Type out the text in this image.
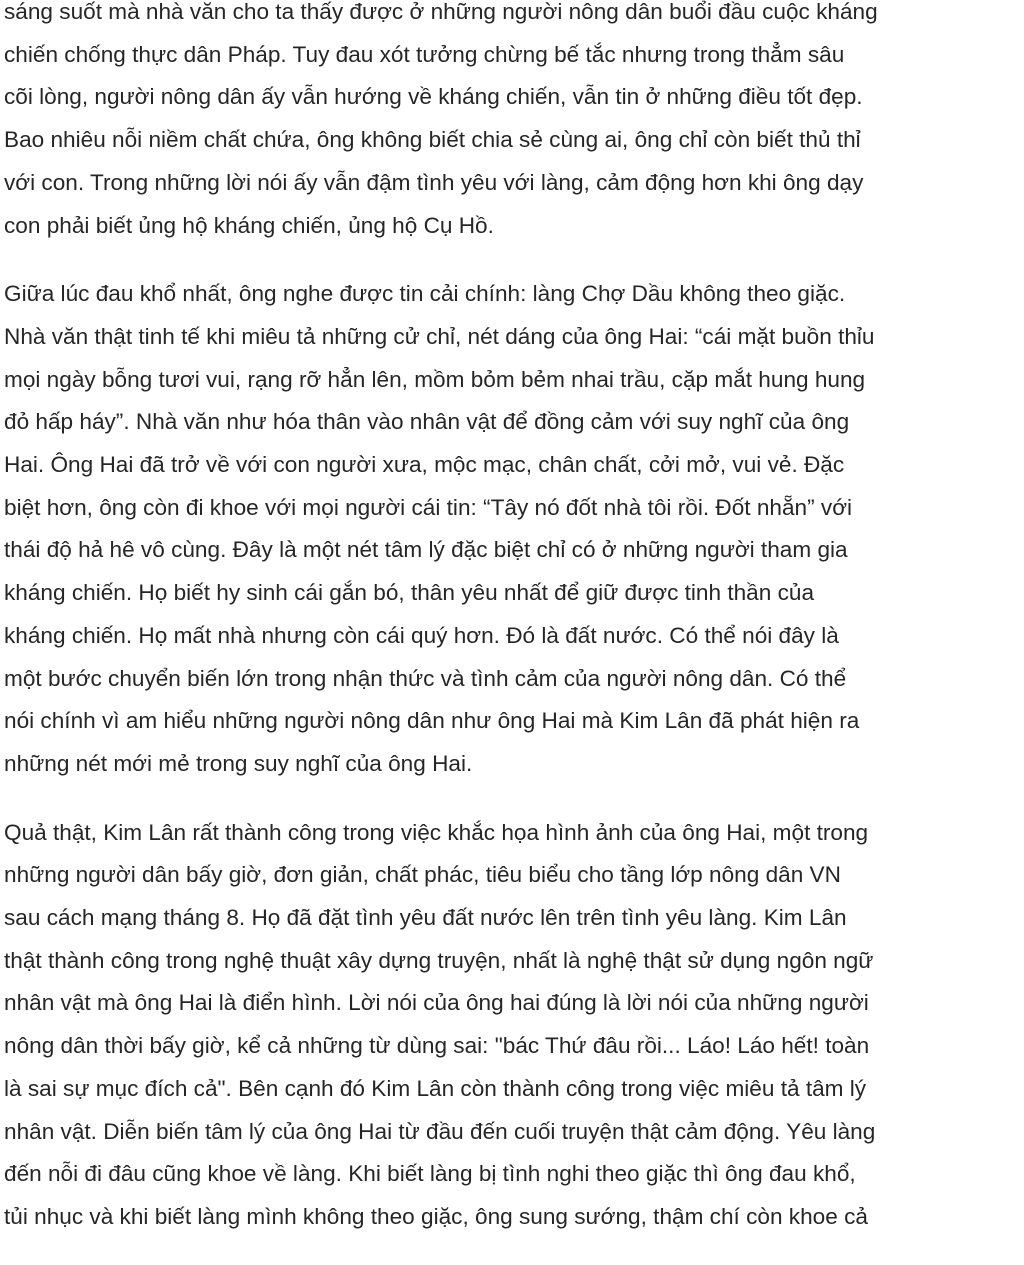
sáng suốt mà nhà văn cho ta thấy được ở những người nông dân buổi đầu cuộc kháng
chiến chống thực dân Pháp. Tuy đau xót tưởng chừng bế tắc nhưng trong thẳm sâu
cõi lòng, người nông dân ấy vẫn hướng về kháng chiến, vẫn tin ở những điều tốt đẹp.
Bao nhiêu nỗi niềm chất chứa, ông không biết chia sẻ cùng ai, ông chỉ còn biết thủ thỉ
với con. Trong những lời nói ấy vẫn đậm tình yêu với làng, cảm động hơn khi ông dạy
con phải biết ủng hộ kháng chiến, ủng hộ Cụ Hồ.

Giữa lúc đau khổ nhất, ông nghe được tin cải chính: làng Chợ Dầu không theo giặc.
Nhà văn thật tinh tế khi miêu tả những cử chỉ, nét dáng của ông Hai: “cái mặt buồn thỉu
mọi ngày bỗng tươi vui, rạng rỡ hẳn lên, mồm bỏm bẻm nhai trầu, cặp mắt hung hung
đỏ hấp háy”. Nhà văn như hóa thân vào nhân vật để đồng cảm với suy nghĩ của ông
Hai. Ông Hai đã trở về với con người xưa, mộc mạc, chân chất, cởi mở, vui vẻ. Đặc
biệt hơn, ông còn đi khoe với mọi người cái tin: “Tây nó đốt nhà tôi rồi. Đốt nhẵn” với
thái độ hả hê vô cùng. Đây là một nét tâm lý đặc biệt chỉ có ở những người tham gia
kháng chiến. Họ biết hy sinh cái gắn bó, thân yêu nhất để giữ được tinh thần của
kháng chiến. Họ mất nhà nhưng còn cái quý hơn. Đó là đất nước. Có thể nói đây là
một bước chuyển biến lớn trong nhận thức và tình cảm của người nông dân. Có thể
nói chính vì am hiểu những người nông dân như ông Hai mà Kim Lân đã phát hiện ra
những nét mới mẻ trong suy nghĩ của ông Hai.

Quả thật, Kim Lân rất thành công trong việc khắc họa hình ảnh của ông Hai, một trong
những người dân bấy giờ, đơn giản, chất phác, tiêu biểu cho tầng lớp nông dân VN
sau cách mạng tháng 8. Họ đã đặt tình yêu đất nước lên trên tình yêu làng. Kim Lân
thật thành công trong nghệ thuật xây dựng truyện, nhất là nghệ thật sử dụng ngôn ngữ
nhân vật mà ông Hai là điển hình. Lời nói của ông hai đúng là lời nói của những người
nông dân thời bấy giờ, kể cả những từ dùng sai: "bác Thứ đâu rồi... Láo! Láo hết! toàn
là sai sự mục đích cả". Bên cạnh đó Kim Lân còn thành công trong việc miêu tả tâm lý
nhân vật. Diễn biến tâm lý của ông Hai từ đầu đến cuối truyện thật cảm động. Yêu làng
đến nỗi đi đâu cũng khoe về làng. Khi biết làng bị tình nghi theo giặc thì ông đau khổ,
tủi nhục và khi biết làng mình không theo giặc, ông sung sướng, thậm chí còn khoe cả
